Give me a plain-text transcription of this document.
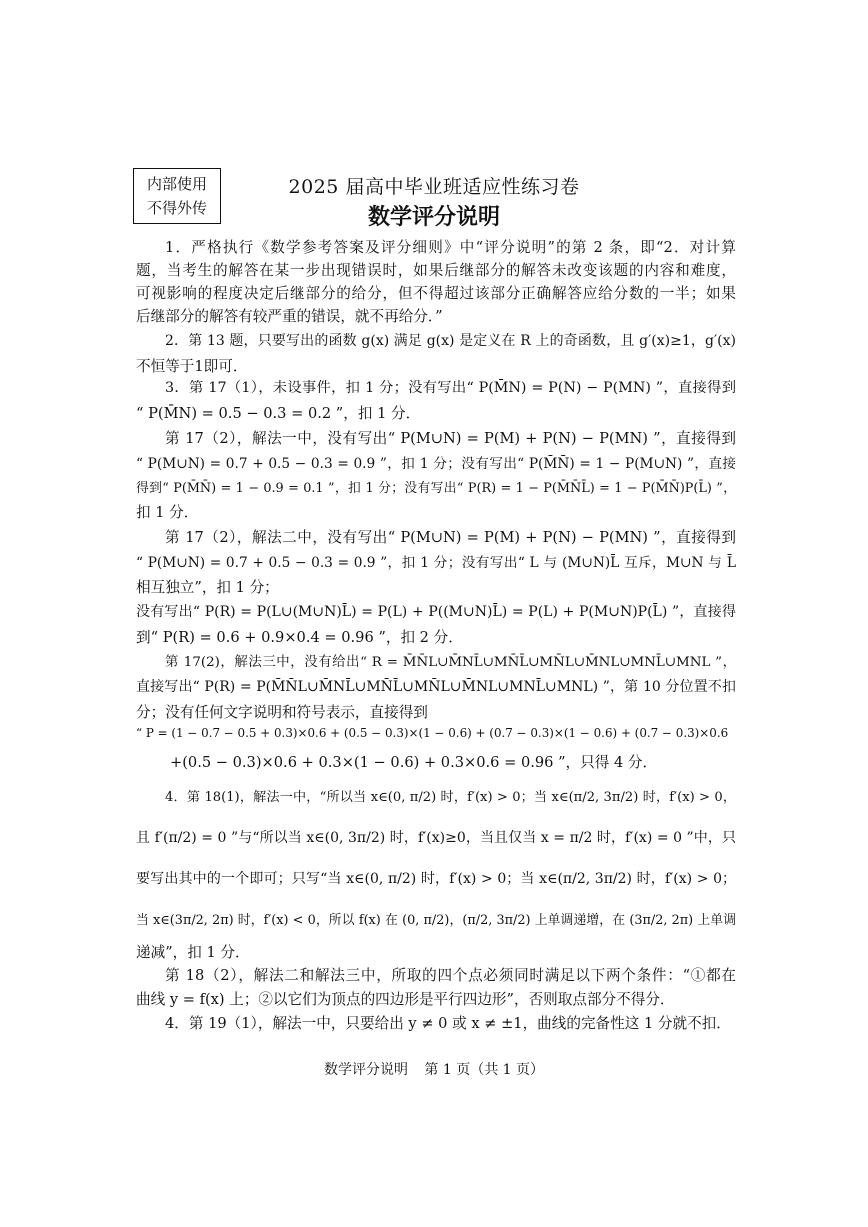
内部使用
不得外传
2025 届高中毕业班适应性练习卷
数学评分说明
1．严格执行《数学参考答案及评分细则》中“评分说明”的第 2 条，即“2．对计算
题，当考生的解答在某一步出现错误时，如果后继部分的解答未改变该题的内容和难度，
可视影响的程度决定后继部分的给分，但不得超过该部分正确解答应给分数的一半；如果
后继部分的解答有较严重的错误，就不再给分．”
2．第 13 题，只要写出的函数 g(x) 满足 g(x) 是定义在 R 上的奇函数，且 g′(x)≥1，g′(x)
不恒等于1即可．
3．第 17（1），未设事件，扣 1 分；没有写出“ P(M̄N) = P(N) − P(MN) ”，直接得到
“ P(M̄N) = 0.5 − 0.3 = 0.2 ”，扣 1 分．
第 17（2），解法一中，没有写出“ P(M∪N) = P(M) + P(N) − P(MN) ”，直接得到
“ P(M∪N) = 0.7 + 0.5 − 0.3 = 0.9 ”，扣 1 分；没有写出“ P(M̄N̄) = 1 − P(M∪N) ”，直接
得到“ P(M̄N̄) = 1 − 0.9 = 0.1 ”，扣 1 分；没有写出“ P(R) = 1 − P(M̄N̄L̄) = 1 − P(M̄N̄)P(L̄) ”，
扣 1 分．
第 17（2），解法二中，没有写出“ P(M∪N) = P(M) + P(N) − P(MN) ”，直接得到
“ P(M∪N) = 0.7 + 0.5 − 0.3 = 0.9 ”，扣 1 分；没有写出“ L 与 (M∪N)L̄ 互斥，M∪N 与 L̄
相互独立”，扣 1 分；
没有写出“ P(R) = P(L∪(M∪N)L̄) = P(L) + P((M∪N)L̄) = P(L) + P(M∪N)P(L̄) ”，直接得
到“ P(R) = 0.6 + 0.9×0.4 = 0.96 ”，扣 2 分．
第 17(2)，解法三中，没有给出“ R = M̄N̄L∪M̄NL̄∪MN̄L̄∪MN̄L∪M̄NL∪MNL̄∪MNL ”，
直接写出“ P(R) = P(M̄N̄L∪M̄NL̄∪MN̄L̄∪MN̄L∪M̄NL∪MNL̄∪MNL) ”，第 10 分位置不扣
分；没有任何文字说明和符号表示，直接得到
“ P = (1 − 0.7 − 0.5 + 0.3)×0.6 + (0.5 − 0.3)×(1 − 0.6) + (0.7 − 0.3)×(1 − 0.6) + (0.7 − 0.3)×0.6
+(0.5 − 0.3)×0.6 + 0.3×(1 − 0.6) + 0.3×0.6 = 0.96 ”，只得 4 分．
4．第 18(1)，解法一中，“所以当 x∈(0, π/2) 时，f′(x) > 0；当 x∈(π/2, 3π/2) 时，f′(x) > 0，
且 f′(π/2) = 0 ”与“所以当 x∈(0, 3π/2) 时，f′(x)≥0，当且仅当 x = π/2 时，f′(x) = 0 ”中，只
要写出其中的一个即可；只写“当 x∈(0, π/2) 时，f′(x) > 0；当 x∈(π/2, 3π/2) 时，f′(x) > 0；
当 x∈(3π/2, 2π) 时，f′(x) < 0，所以 f(x) 在 (0, π/2)，(π/2, 3π/2) 上单调递增，在 (3π/2, 2π) 上单调
递减”，扣 1 分．
第 18（2），解法二和解法三中，所取的四个点必须同时满足以下两个条件：“①都在
曲线 y = f(x) 上；②以它们为顶点的四边形是平行四边形”，否则取点部分不得分．
4．第 19（1），解法一中，只要给出 y ≠ 0 或 x ≠ ±1，曲线的完备性这 1 分就不扣．
数学评分说明 第 1 页（共 1 页）
